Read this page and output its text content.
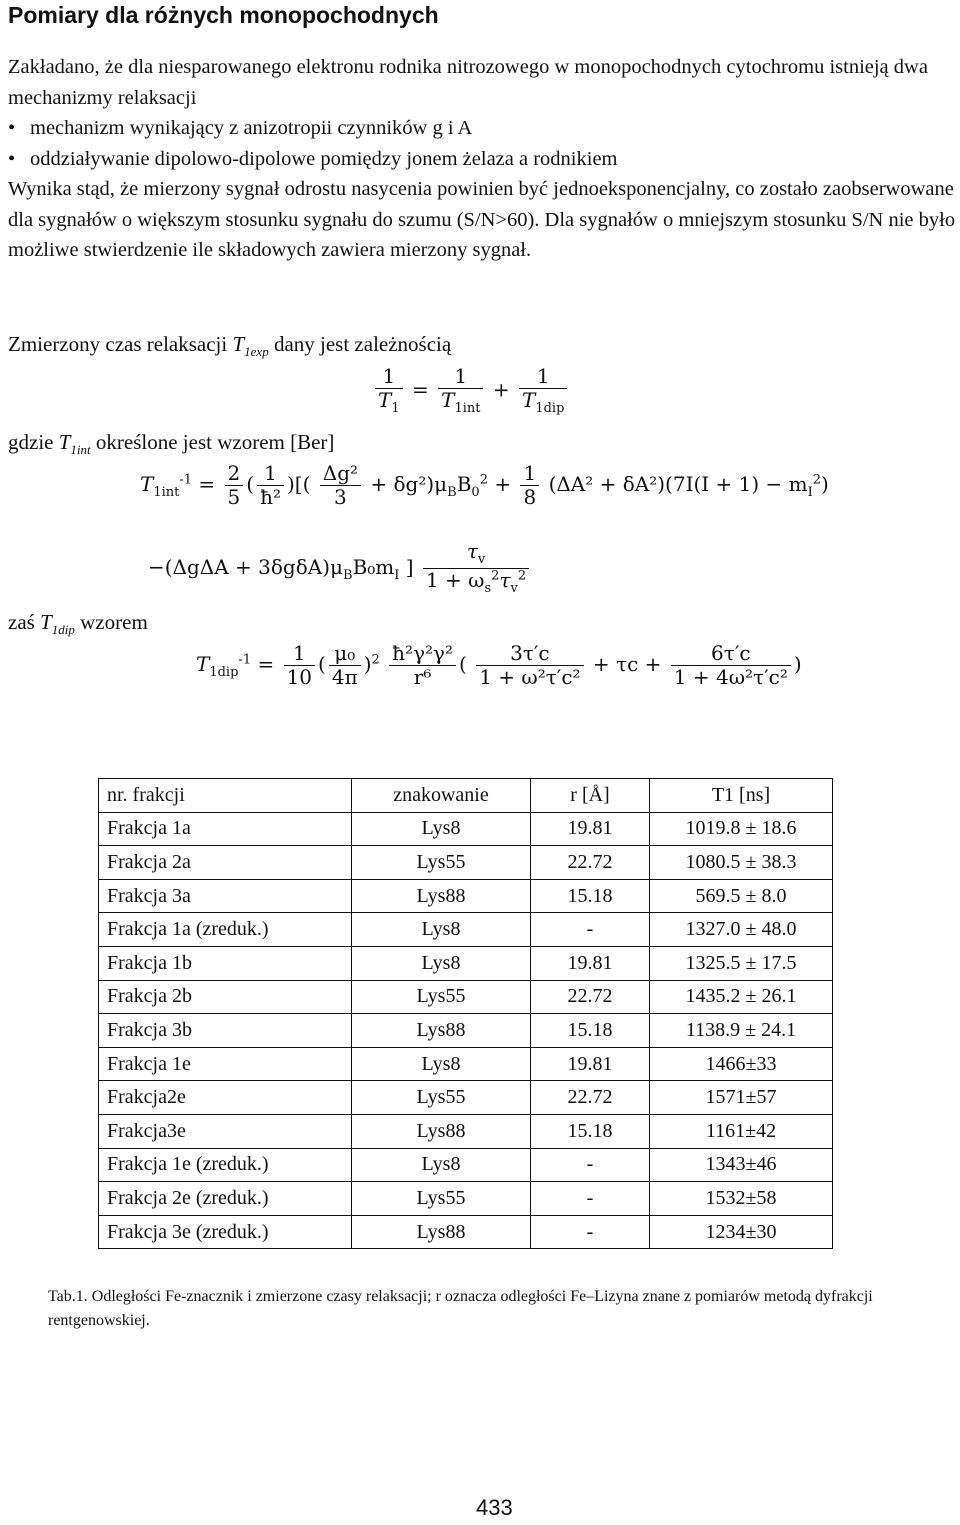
Pomiary dla różnych monopochodnych

Zakładano, że dla niesparowanego elektronu rodnika nitrozowego w monopochodnych cytochromu istnieją dwa mechanizmy relaksacji

• mechanizm wynikający z anizotropii czynników g i A

• oddziaływanie dipolowo-dipolowe pomiędzy jonem żelaza a rodnikiem

Wynika stąd, że mierzony sygnał odrostu nasycenia powinien być jednoeksponencjalny, co zostało zaobserwowane dla sygnałów o większym stosunku sygnału do szumu (S/N>60). Dla sygnałów o mniejszym stosunku S/N nie było możliwe stwierdzenie ile składowych zawiera mierzony sygnał.

Zmierzony czas relaksacji $T_{1exp}$ dany jest zależnością
$\frac{1}{T_1} = \frac{1}{T_{1int}} + \frac{1}{T_{1dip}}$
gdzie $T_{1int}$ określone jest wzorem [Ber]
$T_{1int}^{-1} = \frac{2}{5}$ ( $\frac{1}{\text{ħ²}}$ )[( $\frac{\text{Δg²}}{3} + \delta g^2)\mu_BB_0^2 + \frac{1}{8} (\Delta A^2 + \delta A^2)(7I(I + 1) - m_I^2)$
$-(\Delta g\Delta A + 3\delta g\delta A)\mu_BB_0m_I$ ] $\frac{\tau_v}{1 + \omega_s^2\tau_v^2}$
zaś $T_{1dip}$ wzorem
$T_{1dip}^{-1} = \frac{1}{10}$ ( $\frac{\text{μ₀}}{4\pi} )^2 \frac{\text{ħ²γ²γ²}}{\text{r⁶}}$ ( $\frac{3\tau'c}{\text{1 + ω²τ′c²}} + \tau c + \frac{6\tau'c}{\text{1 + 4ω²τ′c²}}$ )
nr. frakcji	znakowanie	r [Å]	T1 [ns]
Frakcja 1a	Lys8	19.81	1019.8 ± 18.6
Frakcja 2a	Lys55	22.72	1080.5 ± 38.3
Frakcja 3a	Lys88	15.18	569.5 ± 8.0
Frakcja 1a (zreduk.)	Lys8	-	1327.0 ± 48.0
Frakcja 1b	Lys8	19.81	1325.5 ± 17.5
Frakcja 2b	Lys55	22.72	1435.2 ± 26.1
Frakcja 3b	Lys88	15.18	1138.9 ± 24.1
Frakcja 1e	Lys8	19.81	1466±33
Frakcja2e	Lys55	22.72	1571±57
Frakcja3e	Lys88	15.18	1161±42
Frakcja 1e (zreduk.)	Lys8	-	1343±46
Frakcja 2e (zreduk.)	Lys55	-	1532±58
Frakcja 3e (zreduk.)	Lys88	-	1234±30
Tab.1. Odległości Fe-znacznik i zmierzone czasy relaksacji; r oznacza odległości Fe–Lizyna znane z pomiarów metodą dyfrakcji rentgenowskiej.
433
